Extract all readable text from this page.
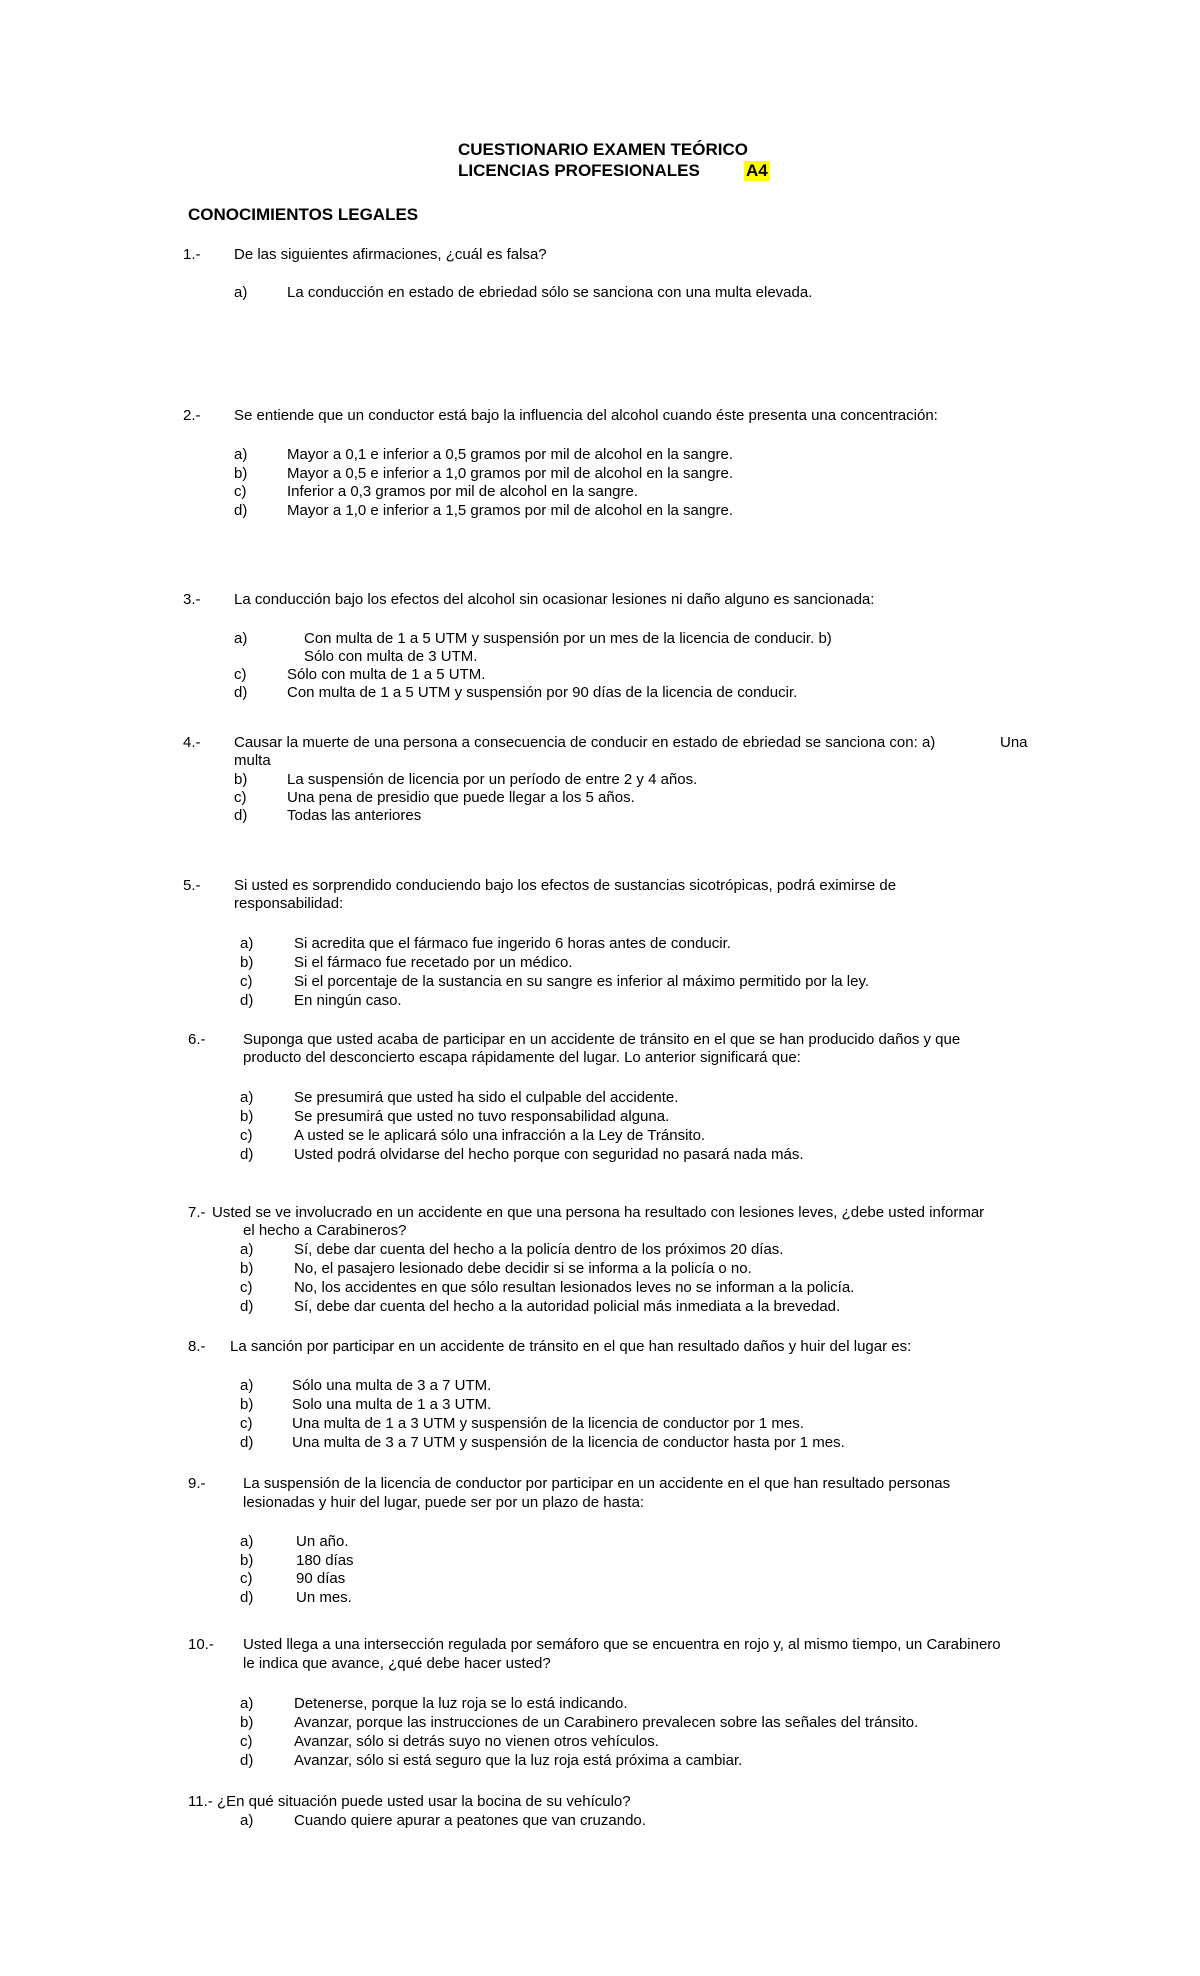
CUESTIONARIO EXAMEN TEÓRICO
LICENCIAS PROFESIONALES	A4
CONOCIMIENTOS LEGALES
1.- De las siguientes afirmaciones, ¿cuál es falsa?
a)	La conducción en estado de ebriedad sólo se sanciona con una multa elevada.
2.- Se entiende que un conductor está bajo la influencia del alcohol cuando éste presenta una concentración:
a)	Mayor a 0,1 e inferior a 0,5 gramos por mil de alcohol en la sangre.
b)	Mayor a 0,5 e inferior a 1,0 gramos por mil de alcohol en la sangre.
c)	Inferior a 0,3 gramos por mil de alcohol en la sangre.
d)	Mayor a 1,0 e inferior a 1,5 gramos por mil de alcohol en la sangre.
3.- La conducción bajo los efectos del alcohol sin ocasionar lesiones ni daño alguno es sancionada:
a)	Con multa de 1 a 5 UTM y suspensión por un mes de la licencia de conducir. b)
Sólo con multa de 3 UTM.
c)	Sólo con multa de 1 a 5 UTM.
d)	Con multa de 1 a 5 UTM y suspensión por 90 días de la licencia de conducir.
4.- Causar la muerte de una persona a consecuencia de conducir en estado de ebriedad se sanciona con: a)	Una
multa
b)	La suspensión de licencia por un período de entre 2 y 4 años.
c)	Una pena de presidio que puede llegar a los 5 años.
d)	Todas las anteriores
5.- Si usted es sorprendido conduciendo bajo los efectos de sustancias sicotrópicas, podrá eximirse de
responsabilidad:
a)	Si acredita que el fármaco fue ingerido 6 horas antes de conducir.
b)	Si el fármaco fue recetado por un médico.
c)	Si el porcentaje de la sustancia en su sangre es inferior al máximo permitido por la ley.
d)	En ningún caso.
6.- Suponga que usted acaba de participar en un accidente de tránsito en el que se han producido daños y que
producto del desconcierto escapa rápidamente del lugar. Lo anterior significará que:
a)	Se presumirá que usted ha sido el culpable del accidente.
b)	Se presumirá que usted no tuvo responsabilidad alguna.
c)	A usted se le aplicará sólo una infracción a la Ley de Tránsito.
d)	Usted podrá olvidarse del hecho porque con seguridad no pasará nada más.
7.- Usted se ve involucrado en un accidente en que una persona ha resultado con lesiones leves, ¿debe usted informar
el hecho a Carabineros?
a)	Sí, debe dar cuenta del hecho a la policía dentro de los próximos 20 días.
b)	No, el pasajero lesionado debe decidir si se informa a la policía o no.
c)	No, los accidentes en que sólo resultan lesionados leves no se informan a la policía.
d)	Sí, debe dar cuenta del hecho a la autoridad policial más inmediata a la brevedad.
8.- La sanción por participar en un accidente de tránsito en el que han resultado daños y huir del lugar es:
a)	Sólo una multa de 3 a 7 UTM.
b)	Solo una multa de 1 a 3 UTM.
c)	Una multa de 1 a 3 UTM y suspensión de la licencia de conductor por 1 mes.
d)	Una multa de 3 a 7 UTM y suspensión de la licencia de conductor hasta por 1 mes.
9.- La suspensión de la licencia de conductor por participar en un accidente en el que han resultado personas
lesionadas y huir del lugar, puede ser por un plazo de hasta:
a)	Un año.
b)	180 días
c)	90 días
d)	Un mes.
10.- Usted llega a una intersección regulada por semáforo que se encuentra en rojo y, al mismo tiempo, un Carabinero
le indica que avance, ¿qué debe hacer usted?
a)	Detenerse, porque la luz roja se lo está indicando.
b)	Avanzar, porque las instrucciones de un Carabinero prevalecen sobre las señales del tránsito.
c)	Avanzar, sólo si detrás suyo no vienen otros vehículos.
d)	Avanzar, sólo si está seguro que la luz roja está próxima a cambiar.
11.- ¿En qué situación puede usted usar la bocina de su vehículo?
a)	Cuando quiere apurar a peatones que van cruzando.
